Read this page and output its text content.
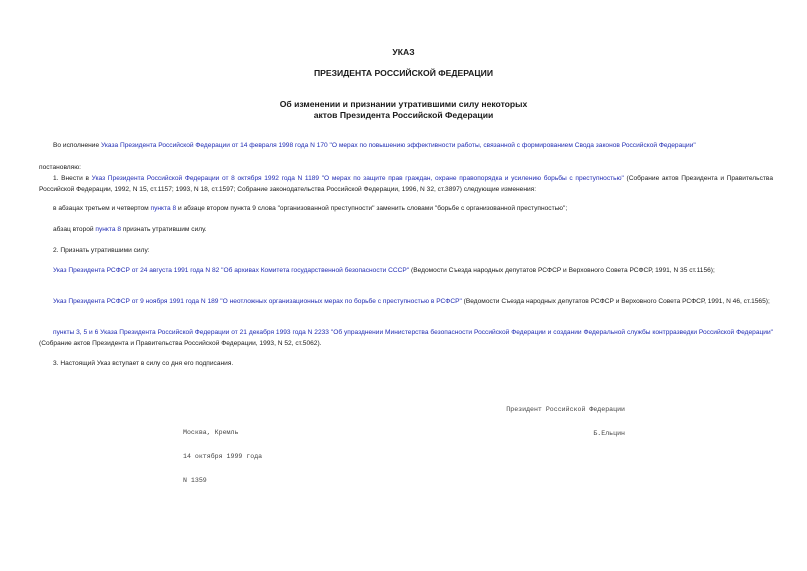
УКАЗ
ПРЕЗИДЕНТА РОССИЙСКОЙ ФЕДЕРАЦИИ
Об изменении и признании утратившими силу некоторых
актов Президента Российской Федерации
Во исполнение Указа Президента Российской Федерации от 14 февраля 1998 года N 170 "О мерах по повышению эффективности работы, связанной с формированием Свода законов Российской Федерации"
постановляю:
1. Внести в Указ Президента Российской Федерации от 8 октября 1992 года N 1189 "О мерах по защите прав граждан, охране правопорядка и усилению борьбы с преступностью" (Собрание актов Президента и Правительства Российской Федерации, 1992, N 15, ст.1157; 1993, N 18, ст.1597; Собрание законодательства Российской Федерации, 1996, N 32, ст.3897) следующие изменения:
в абзацах третьем и четвертом пункта 8 и абзаце втором пункта 9 слова "организованной преступности" заменить словами "борьбе с организованной преступностью";
абзац второй пункта 8 признать утратившим силу.
2. Признать утратившими силу:
Указ Президента РСФСР от 24 августа 1991 года N 82 "Об архивах Комитета государственной безопасности СССР" (Ведомости Съезда народных депутатов РСФСР и Верховного Совета РСФСР, 1991, N 35 ст.1156);
Указ Президента РСФСР от 9 ноября 1991 года N 189 "О неотложных организационных мерах по борьбе с преступностью в РСФСР" (Ведомости Съезда народных депутатов РСФСР и Верховного Совета РСФСР, 1991, N 46, ст.1565);
пункты 3, 5 и 6 Указа Президента Российской Федерации от 21 декабря 1993 года N 2233 "Об упразднении Министерства безопасности Российской Федерации и создании Федеральной службы контрразведки Российской Федерации" (Собрание актов Президента и Правительства Российской Федерации, 1993, N 52, ст.5062).
3. Настоящий Указ вступает в силу со дня его подписания.

Президент Российской Федерации

Б.Ельцин

Москва, Кремль

14 октября 1999 года

N 1359
